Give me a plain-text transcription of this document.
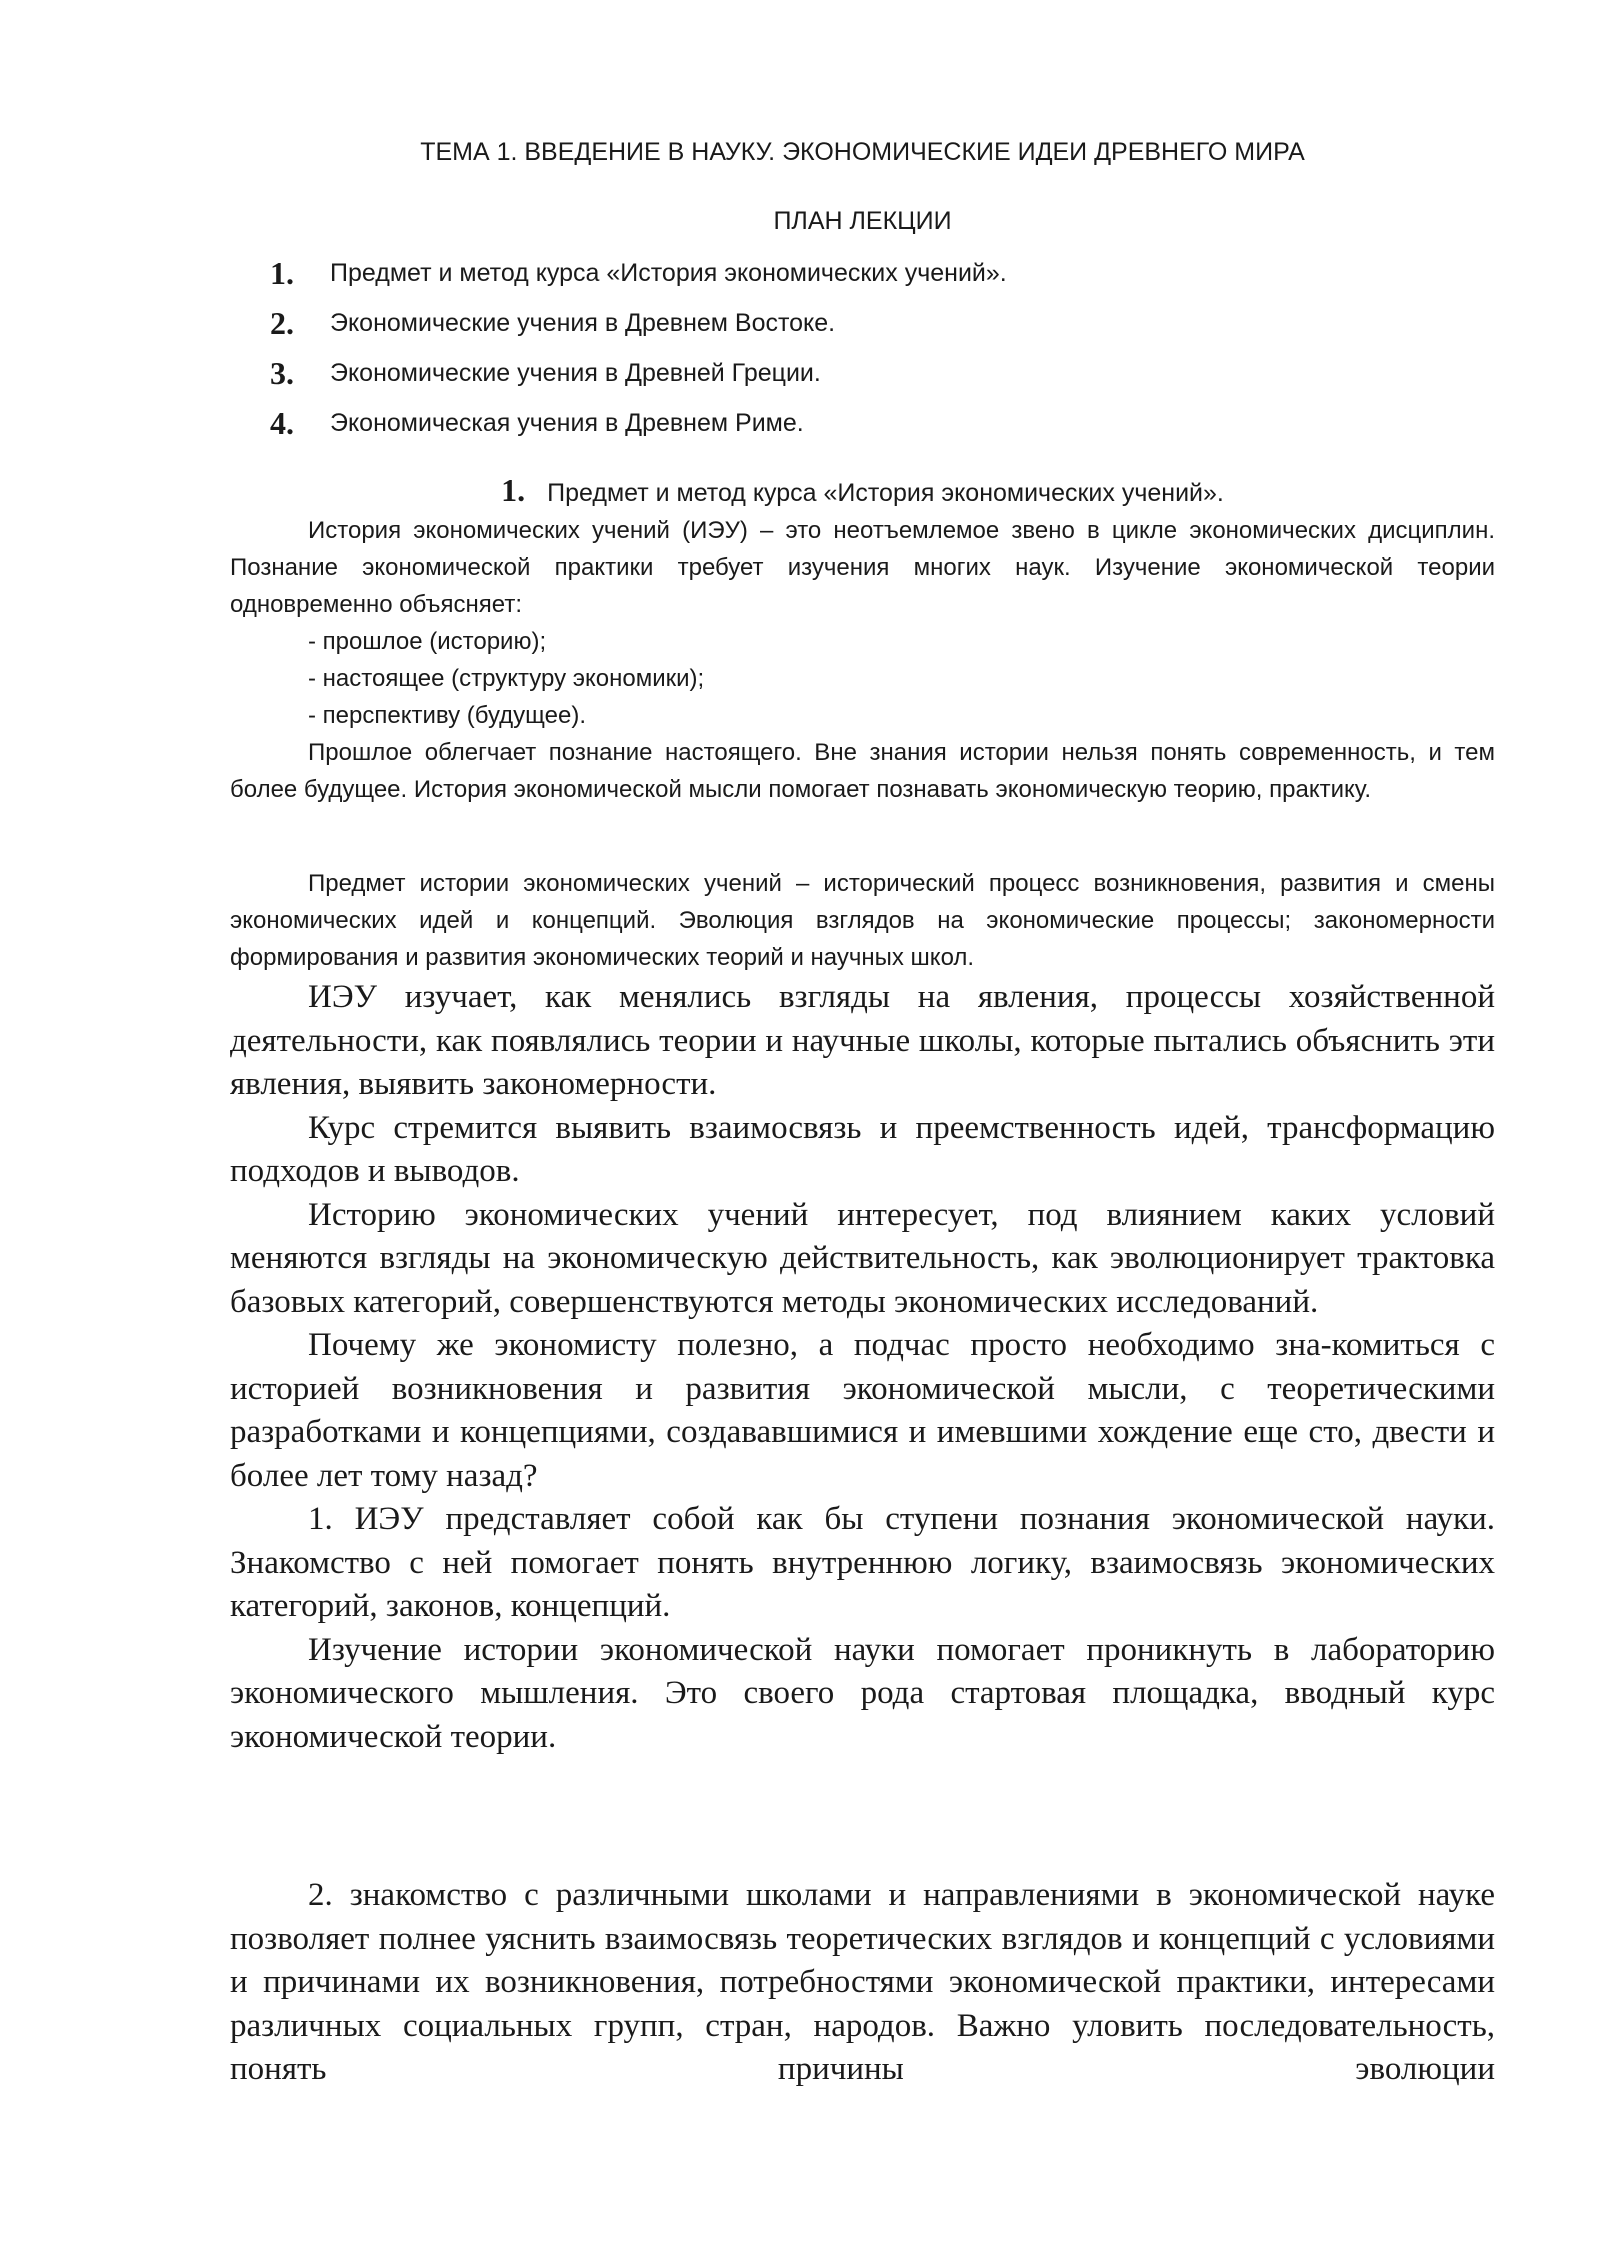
ТЕМА 1. ВВЕДЕНИЕ В НАУКУ. ЭКОНОМИЧЕСКИЕ ИДЕИ ДРЕВНЕГО МИРА
ПЛАН ЛЕКЦИИ
1.	Предмет и метод курса «История экономических учений».
2.	Экономические учения в Древнем Востоке.
3.	Экономические учения в Древней Греции.
4.	Экономическая учения в Древнем Риме.
1. Предмет и метод курса «История экономических учений».

История экономических учений (ИЭУ) – это неотъемлемое звено в цикле экономических дисциплин. Познание экономической практики требует изучения многих наук. Изучение экономической теории одновременно объясняет:

- прошлое (историю);

- настоящее (структуру экономики);

- перспективу (будущее).

Прошлое облегчает познание настоящего. Вне знания истории нельзя понять современность, и тем более будущее. История экономической мысли помогает познавать экономическую теорию, практику.

Предмет истории экономических учений – исторический процесс возникновения, развития и смены экономических идей и концепций. Эволюция взглядов на экономические процессы; закономерности формирования и развития экономических теорий и научных школ.

ИЭУ изучает, как менялись взгляды на явления, процессы хозяйственной деятельности, как появлялись теории и научные школы, которые пытались объяснить эти явления, выявить закономерности.

Курс стремится выявить взаимосвязь и преемственность идей, трансформацию подходов и выводов.

Историю экономических учений интересует, под влиянием каких условий меняются взгляды на экономическую действительность, как эволюционирует трактовка базовых категорий, совершенствуются методы экономических исследований.

Почему же экономисту полезно, а подчас просто необходимо зна-комиться с историей возникновения и развития экономической мысли, с теоретическими разработками и концепциями, создававшимися и имевшими хождение еще сто, двести и более лет тому назад?

1. ИЭУ представляет собой как бы ступени познания экономической науки. Знакомство с ней помогает понять внутреннюю логику, взаимосвязь экономических категорий, законов, концепций.

Изучение истории экономической науки помогает проникнуть в лабораторию экономического мышления. Это своего рода стартовая площадка, вводный курс экономической теории.

2. знакомство с различными школами и направлениями в экономической науке позволяет полнее уяснить взаимосвязь теоретических взглядов и концепций с условиями и причинами их возникновения, потребностями экономической практики, интересами различных социальных групп, стран, народов. Важно уловить последовательность, понять причины эволюции
